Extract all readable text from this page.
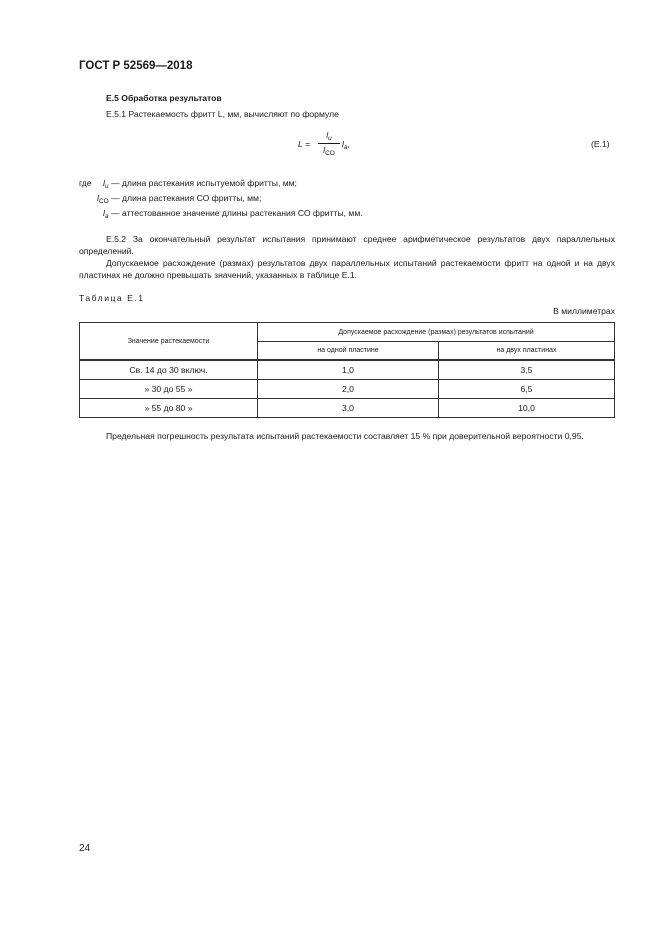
ГОСТ Р 52569—2018
Е.5 Обработка результатов
Е.5.1 Растекаемость фритт L, мм, вычисляют по формуле
L =
$l_u$
$l_{CO}$
$l_a$,	(Е.1)
где $l_u$ — длина растекания испытуемой фритты, мм;
$l_{CO}$ — длина растекания СО фритты, мм;
$l_a$ — аттестованное значение длины растекания СО фритты, мм.
Е.5.2 За окончательный результат испытания принимают среднее арифметическое результатов двух параллельных определений.
Допускаемое расхождение (размах) результатов двух параллельных испытаний растекаемости фритт на одной и на двух пластинах не должно превышать значений, указанных в таблице Е.1.
Таблица Е.1
В миллиметрах
Значение растекаемости	Допускаемое расхождение (размах) результатов испытаний	
	на одной пластине	на двух пластинах
Св. 14 до 30 включ.	1,0	3,5
» 30 до 55 »	2,0	6,5
» 55 до 80 »	3,0	10,0
Предельная погрешность результата испытаний растекаемости составляет 15 % при доверительной вероятности 0,95.
24
